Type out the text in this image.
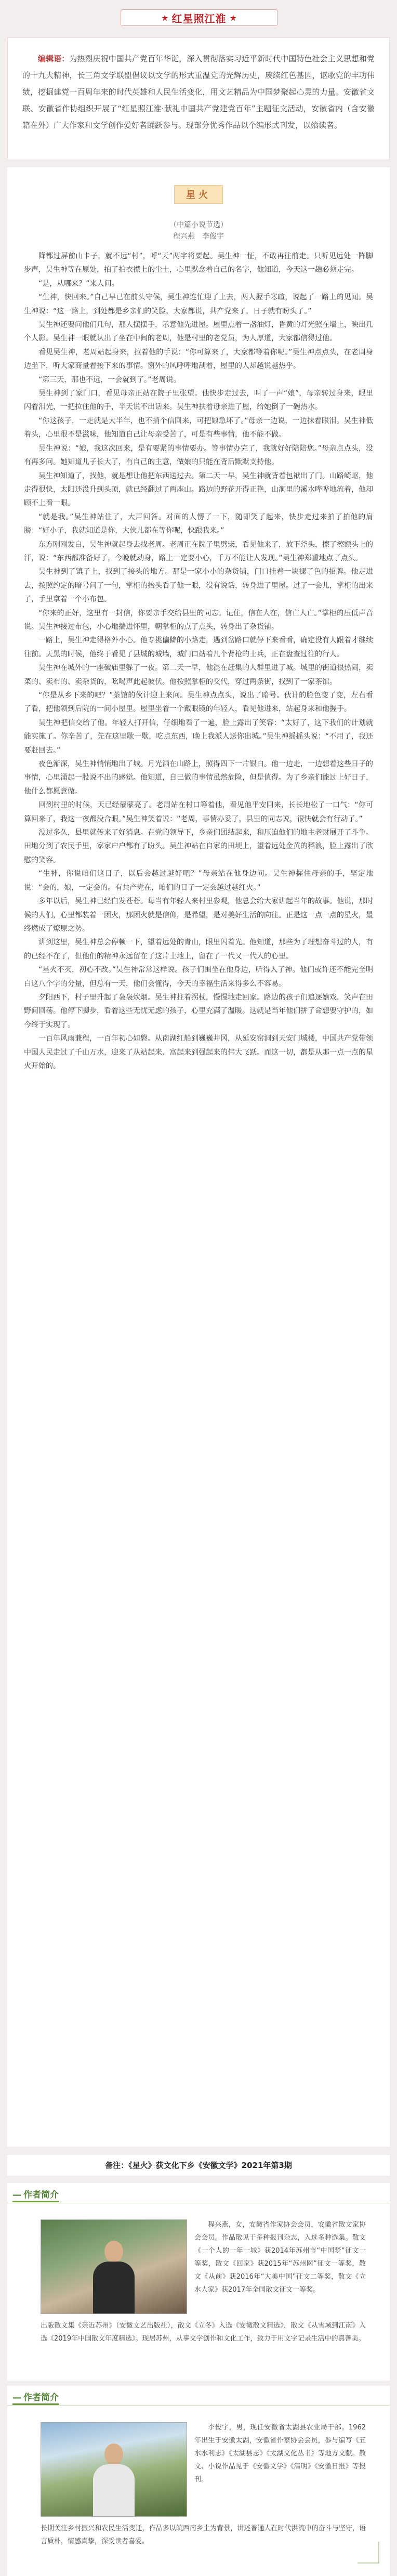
★ 红星照江淮 ★

编辑语：为热烈庆祝中国共产党百年华诞，深入贯彻落实习近平新时代中国特色社会主义思想和党的十九大精神，长三角文学联盟倡议以文学的形式重温党的光辉历史，赓续红色基因，讴歌党的丰功伟绩，挖掘建党一百周年来的时代英雄和人民生活变化，用文艺精品为中国梦聚起心灵的力量。安徽省文联、安徽省作协组织开展了“红星照江淮·献礼中国共产党建党百年”主题征文活动，安徽省内（含安徽籍在外）广大作家和文学创作爱好者踊跃参与。现部分优秀作品以个编形式刊发，以飨读者。

星火
（中篇小说节选）
程兴燕　李俊宇

降都过屏前山卡子，就不远“村”，呼“天”两字将要起。吴生神一怔，不敢再往前走。只听见远处一阵脚步声，吴生神等在原处，拍了拍衣襟上的尘土，心里默念着自己的名字，他知道，今天这一趟必须走完。

“是，从哪来？”来人问。

“生神，快回来。”自己早已在前头守候，吴生神连忙迎了上去，两人握手寒暄，说起了一路上的见闻。吴生神说：“这一路上，到处都是乡亲们的笑脸，大家都说，共产党来了，日子就有盼头了。”

吴生神还要问他们几句，那人摆摆手，示意他先进屋。屋里点着一盏油灯，昏黄的灯光照在墙上，映出几个人影。吴生神一眼就认出了坐在中间的老周，他是村里的老党员，为人厚道，大家都信得过他。

看见吴生神，老周站起身来，拉着他的手说：“你可算来了，大家都等着你呢。”吴生神点点头，在老周身边坐下，听大家商量着接下来的事情。窗外的风呼呼地刮着，屋里的人却越说越热乎。

“第三天，那也不远，一会就到了。”老周说。

吴生神到了家门口，看见母亲正站在院子里张望。他快步走过去，叫了一声“娘”，母亲转过身来，眼里闪着泪光，一把拉住他的手，半天说不出话来。吴生神扶着母亲进了屋，给她倒了一碗热水。

“你这孩子，一走就是大半年，也不捎个信回来，可把娘急坏了。”母亲一边说，一边抹着眼泪。吴生神低着头，心里很不是滋味，他知道自己让母亲受苦了，可是有些事情，他不能不做。

吴生神说：“娘，我这次回来，是有要紧的事情要办。等事情办完了，我就好好陪陪您。”母亲点点头，没有再多问。她知道儿子长大了，有自己的主意，做娘的只能在背后默默支持他。

吴生神知道了，找他，就是想让他把东西送过去。第二天一早，吴生神就背着包袱出了门。山路崎岖，他走得很快，太阳还没升到头顶，就已经翻过了两座山。路边的野花开得正艳，山涧里的溪水哗哗地流着，他却顾不上看一眼。

“就是我。”吴生神站住了，大声回答。对面的人愣了一下，随即笑了起来，快步走过来拍了拍他的肩膀：“好小子，我就知道是你，大伙儿都在等你呢，快跟我来。”

东方刚刚发白，吴生神就起身去找老周。老周正在院子里劈柴，看见他来了，放下斧头，擦了擦额头上的汗，说：“东西都准备好了，今晚就动身，路上一定要小心，千万不能让人发现。”吴生神郑重地点了点头。

吴生神到了镇子上，找到了接头的地方。那是一家小小的杂货铺，门口挂着一块褪了色的招牌。他走进去，按照约定的暗号问了一句，掌柜的抬头看了他一眼，没有说话，转身进了里屋。过了一会儿，掌柜的出来了，手里拿着一个小布包。

“你来的正好，这里有一封信，你要亲手交给县里的同志。记住，信在人在，信亡人亡。”掌柜的压低声音说。吴生神接过布包，小心地揣进怀里，朝掌柜的点了点头，转身出了杂货铺。

一路上，吴生神走得格外小心。他专挑偏僻的小路走，遇到岔路口就停下来看看，确定没有人跟着才继续往前。天黑的时候，他终于看见了县城的城墙，城门口站着几个背枪的士兵，正在盘查过往的行人。

吴生神在城外的一座破庙里躲了一夜。第二天一早，他混在赶集的人群里进了城。城里的街道很热闹，卖菜的、卖布的、卖杂货的，吆喝声此起彼伏。他按照掌柜的交代，穿过两条街，找到了一家茶馆。

“你是从乡下来的吧？”茶馆的伙计迎上来问。吴生神点点头，说出了暗号。伙计的脸色变了变，左右看了看，把他领到后院的一间小屋里。屋里坐着一个戴眼镜的年轻人，看见他进来，站起身来和他握手。

吴生神把信交给了他。年轻人打开信，仔细地看了一遍，脸上露出了笑容：“太好了，这下我们的计划就能实施了。你辛苦了，先在这里歇一歇，吃点东西，晚上我派人送你出城。”吴生神摇摇头说：“不用了，我还要赶回去。”

夜色渐深，吴生神悄悄地出了城。月光洒在山路上，照得四下一片银白。他一边走，一边想着这些日子的事情，心里涌起一股说不出的感觉。他知道，自己做的事情虽然危险，但是值得。为了乡亲们能过上好日子，他什么都愿意做。

回到村里的时候，天已经蒙蒙亮了。老周站在村口等着他，看见他平安回来，长长地松了一口气：“你可算回来了，我这一夜都没合眼。”吴生神笑着说：“老周，事情办妥了，县里的同志说，很快就会有行动了。”

没过多久，县里就传来了好消息。在党的领导下，乡亲们团结起来，和压迫他们的地主老财展开了斗争。田地分到了农民手里，家家户户都有了盼头。吴生神站在自家的田埂上，望着远处金黄的稻浪，脸上露出了欣慰的笑容。

“生神，你说咱们这日子，以后会越过越好吧？”母亲站在他身边问。吴生神握住母亲的手，坚定地说：“会的，娘，一定会的。有共产党在，咱们的日子一定会越过越红火。”

多年以后，吴生神已经白发苍苍。每当有年轻人来村里参观，他总会给大家讲起当年的故事。他说，那时候的人们，心里都装着一团火，那团火就是信仰，是希望，是对美好生活的向往。正是这一点一点的星火，最终燃成了燎原之势。

讲到这里，吴生神总会停顿一下，望着远处的青山，眼里闪着光。他知道，那些为了理想奋斗过的人，有的已经不在了，但他们的精神永远留在了这片土地上，留在了一代又一代人的心里。

“星火不灭，初心不改。”吴生神常常这样说。孩子们围坐在他身边，听得入了神。他们或许还不能完全明白这八个字的分量，但总有一天，他们会懂得，今天的幸福生活来得多么不容易。

夕阳西下，村子里升起了袅袅炊烟。吴生神拄着拐杖，慢慢地走回家。路边的孩子们追逐嬉戏，笑声在田野间回荡。他停下脚步，看着这些无忧无虑的孩子，心里充满了温暖。这就是当年他们拼了命想要守护的，如今终于实现了。

一百年风雨兼程，一百年初心如磐。从南湖红船到巍巍井冈，从延安窑洞到天安门城楼，中国共产党带领中国人民走过了千山万水，迎来了从站起来、富起来到强起来的伟大飞跃。而这一切，都是从那一点一点的星火开始的。

备注：《星火》获文化下乡《安徽文学》2021年第3期
— 作者简介

程兴燕，女，安徽省作家协会会员，安徽省散文家协会会员。作品散见于多种报刊杂志，入选多种选集。散文《一个人的一年一城》获2014年苏州市“中国梦”征文一等奖，散文《回家》获2015年“苏州网”征文一等奖，散文《从前》获2016年“大美中国”征文二等奖，散文《立水人家》获2017年全国散文征文一等奖。

出版散文集《亲近苏州》（安徽文艺出版社），散文《立冬》入选《安徽散文精选》，散文《从雪域到江南》入选《2019年中国散文年度精选》。现居苏州，从事文学创作和文化工作，致力于用文字记录生活中的真善美。

— 作者简介

李俊宇，男，现任安徽省太湖县农业局干部。1962年出生于安徽太湖，安徽省作家协会会员，参与编写《五水水利志》《太湖县志》《太湖文化丛书》等地方文献。散文、小说作品见于《安徽文学》《清明》《安徽日报》等报刊。

长期关注乡村振兴和农民生活变迁，作品多以皖西南乡土为背景，讲述普通人在时代洪流中的奋斗与坚守，语言质朴，情感真挚，深受读者喜爱。
